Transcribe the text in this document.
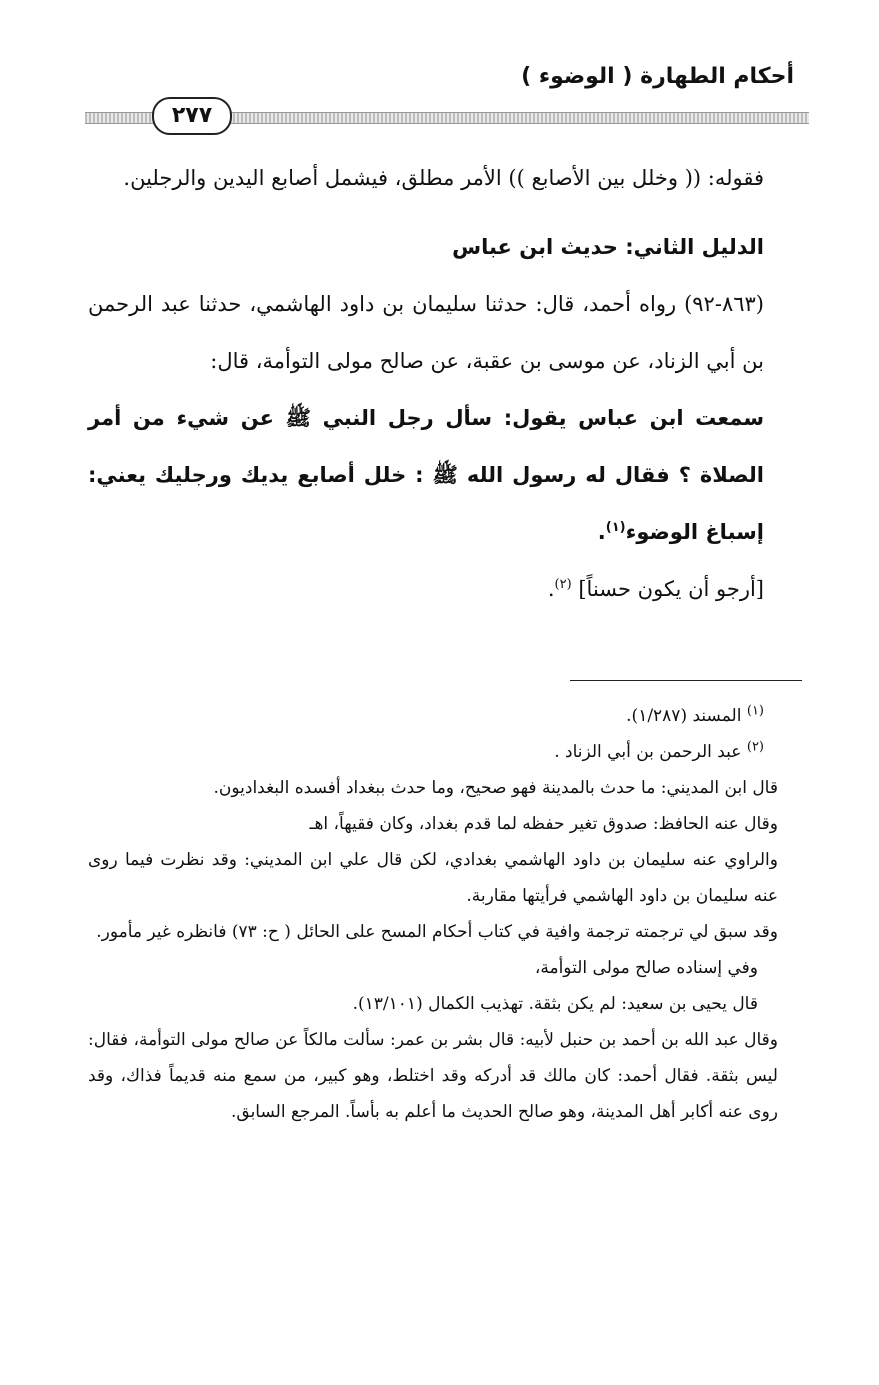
أحكام الطهارة ( الوضوء )
٢٧٧

فقوله: (( وخلل بين الأصابع )) الأمر مطلق، فيشمل أصابع اليدين والرجلين.

الدليل الثاني: حديث ابن عباس

(٨٦٣-٩٢) رواه أحمد، قال: حدثنا سليمان بن داود الهاشمي، حدثنا عبد الرحمن بن أبي الزناد، عن موسى بن عقبة، عن صالح مولى التوأمة، قال:

سمعت ابن عباس يقول: سأل رجل النبي ﷺ عن شيء من أمر الصلاة ؟ فقال له رسول الله ﷺ : خلل أصابع يديك ورجليك يعني: إسباغ الوضوء$^{(١)}$.

[أرجو أن يكون حسناً] $^{(٢)}$.

$^{(١)}$ المسند (١/٢٨٧).

$^{(٢)}$ عبد الرحمن بن أبي الزناد .

قال ابن المديني: ما حدث بالمدينة فهو صحيح، وما حدث ببغداد أفسده البغداديون.

وقال عنه الحافظ: صدوق تغير حفظه لما قدم بغداد، وكان فقيهاً، اهـ

والراوي عنه سليمان بن داود الهاشمي بغدادي، لكن قال علي ابن المديني: وقد نظرت فيما روى عنه سليمان بن داود الهاشمي فرأيتها مقاربة.

وقد سبق لي ترجمته ترجمة وافية في كتاب أحكام المسح على الحائل ( ح: ٧٣) فانظره غير مأمور.

وفي إسناده صالح مولى التوأمة،

قال يحيى بن سعيد: لم يكن بثقة. تهذيب الكمال (١٣/١٠١).

وقال عبد الله بن أحمد بن حنبل لأبيه: قال بشر بن عمر: سألت مالكاً عن صالح مولى التوأمة، فقال: ليس بثقة. فقال أحمد: كان مالك قد أدركه وقد اختلط، وهو كبير، من سمع منه قديماً فذاك، وقد روى عنه أكابر أهل المدينة، وهو صالح الحديث ما أعلم به بأساً. المرجع السابق.
